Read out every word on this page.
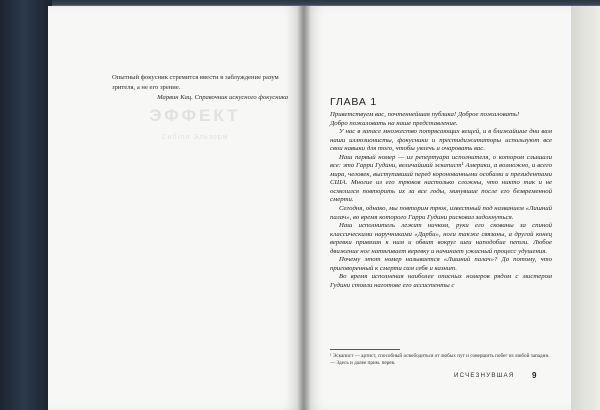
Опытный фокусник стремится ввести в заблуждение разум зрителя, а не его зрение.
Марвин Кац. Справочник искусного фокусника
ЭФФЕКТ
Сибілл Эльзорм
ГЛАВА 1

Приветствуем вас, почтеннейшая публика! Доброе пожаловать!

Добро пожаловать на наше представление.

У нас в запасе множество потрясающих вещей, и в ближайшие дни вам наши иллюзионисты, фокусники и престидижитаторы используют все свои навыки для того, чтобы увлечь и очаровать вас.

Наш первый номер — из репертуара исполнителя, о котором слышали все: это Гарри Гудини, величайший эскапист¹ Америки, а возможно, и всего мира, человек, выступавший перед коронованными особами и президентами США. Многие из его трюков настолько сложны, что никто так и не осмелился повторить их за все годы, минувшие после его безвременной смерти.

Сегодня, однако, мы повторим трюк, известный под названием «Лишний палач», во время которого Гарри Гудини рисковал задохнуться.

Наш исполнитель лежит ничком, руки его скованы за спиной классическими наручниками «Дарби», ноги также связаны, а другой конец веревки привязан к ним и обвит вокруг шеи наподобие петли. Любое движение ног натягивает веревку и начинает ужасный процесс удушения.

Почему этот номер называется «Лишний палач»? Да потому, что приговоренный к смерти сам себя и казнит.

Во время исполнения наиболее опасных номеров рядом с мистером Гудини стояли наготове его ассистенты с

¹ Эскапист — артист, способный освободиться от любых пут и совершить побег из любой западни. — Здесь и далее прим. перев.
ИСЧЕЗНУВШАЯ 9
